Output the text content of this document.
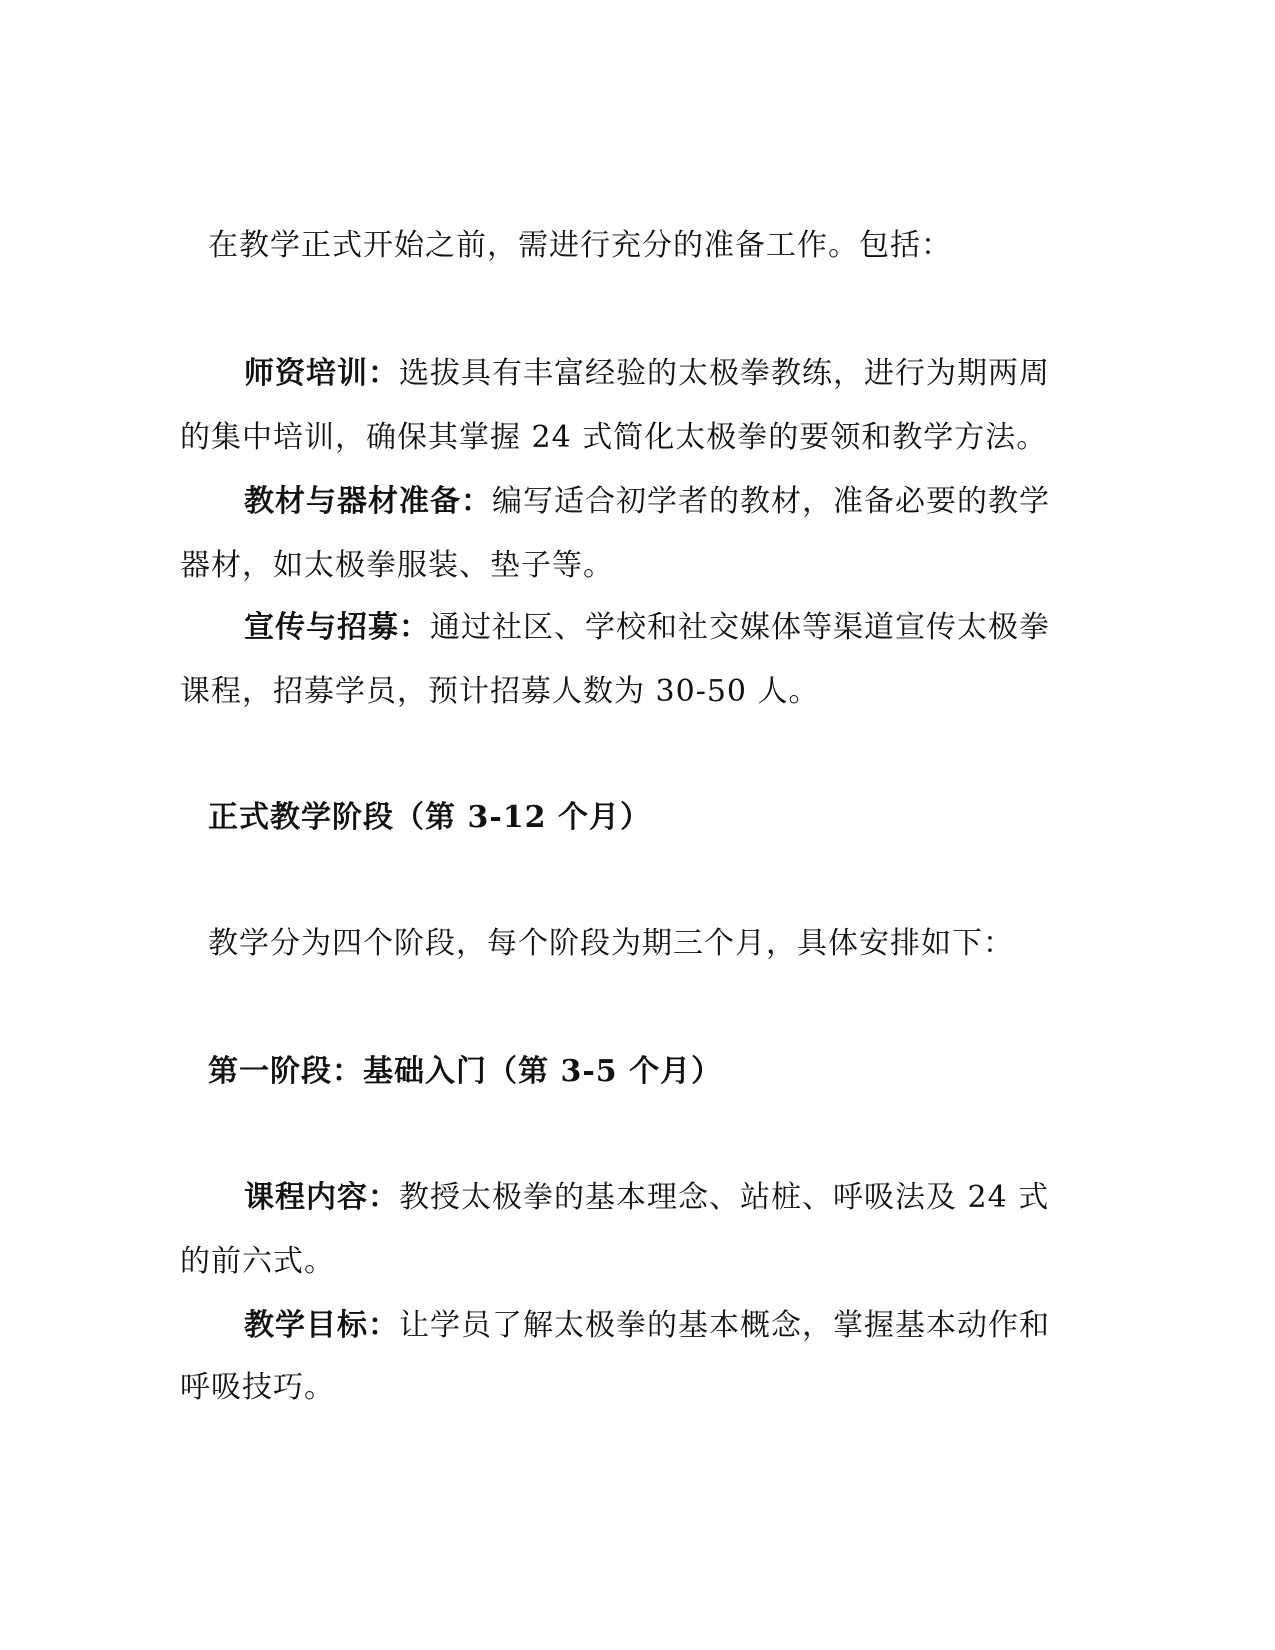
在教学正式开始之前，需进行充分的准备工作。包括：
师资培训：选拔具有丰富经验的太极拳教练，进行为期两周
的集中培训，确保其掌握 24 式简化太极拳的要领和教学方法。
教材与器材准备：编写适合初学者的教材，准备必要的教学
器材，如太极拳服装、垫子等。
宣传与招募：通过社区、学校和社交媒体等渠道宣传太极拳
课程，招募学员，预计招募人数为 30-50 人。
正式教学阶段（第 3-12 个月）
教学分为四个阶段，每个阶段为期三个月，具体安排如下：
第一阶段：基础入门（第 3-5 个月）
课程内容：教授太极拳的基本理念、站桩、呼吸法及 24 式
的前六式。
教学目标：让学员了解太极拳的基本概念，掌握基本动作和
呼吸技巧。
